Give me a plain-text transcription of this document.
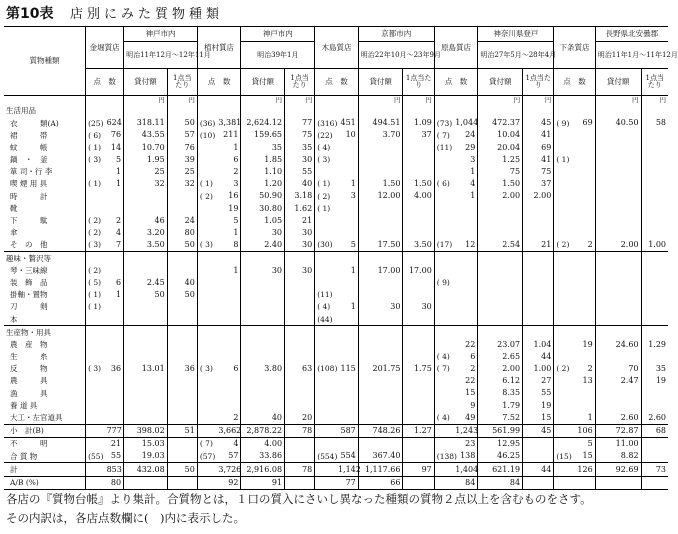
第10表 店別にみた質物種類
質物種類	金堀質店		神戸市内		植村質店		神戸市内		木島質店		京都市内		原島質店		神奈川県登戸		下条質店		長野県北安曇郡	
			明治11年12月〜12年11月				明治39年1月				明治22年10月〜23年9月				明治27年5月〜28年4月				明治11年1月〜11年12月	
	点　数		貸付額	1点当たり	点　数		貸付額	1点当たり	点　数		貸付額	1点当たり	点　数		貸付額	1点当たり	点　数		貸付額	1点当たり
			円	円			円	円			円	円			円	円			円	円
生活用品																				
衣　　　類(A)	(25)	624	318.11	50	(36)	3,381	2,624.12	77	(316)	451	494.51	1.09	(73)	1,044	472.37	45	( 9)	69	40.50	58
裙　　　帯	( 6)	76	43.55	57	(10)	211	159.65	75	(22)	10	3.70	37	( 7)	24	10.04	41				
蚊　　　帳	( 1)	14	10.70	76		1	35	35	( 4)				(11)	29	20.04	69				
鍋　・　釜	( 3)	5	1.95	39		6	1.85	30	( 3)					3	1.25	41	( 1)			
箪 司・行 李		1	25	25		2	1.10	55						1	75	75				
喫 煙 用 具	( 1)	1	32	32	( 1)	3	1.20	40	( 1)	1	1.50	1.50	( 6)	4	1.50	37				
時　　　計					( 2)	16	50.90	3.18	( 2)	3	12.00	4.00		1	2.00	2.00				
靴						19	30.80	1.62	( 1)											
下　　　駄	( 2)	2	46	24		5	1.05	21												
傘	( 2)	4	3.20	80		1	30	30												
そ　の　他	( 3)	7	3.50	50	( 3)	8	2.40	30	(30)	5	17.50	3.50	(17)	12	2.54	21	( 2)	2	2.00	1.00
趣味・贅沢等																				
琴・三味線	( 2)					1	30	30		1	17.00	17.00								
装　飾　品	( 5)	6	2.45	40									( 9)							
掛軸・置物	( 1)	1	50	50					(11)											
刀　　　剣	( 1)								( 4)	1	30	30								
本									(44)											
生産物・用具																				
農　産　物														22	23.07	1.04		19	24.60	1.29
生　　　糸													( 4)	6	2.65	44				
反　　　物	( 3)	36	13.01	36	( 3)	6	3.80	63	(108)	115	201.75	1.75	( 7)	2	2.00	1.00	( 2)	2	70	35
農　　　具														22	6.12	27		13	2.47	19
漁　　　具														15	8.35	55				
養 道 具														9	1.79	19				
大工・左官道具						2	40	20					( 4)	49	7.52	15		1	2.60	2.60
小　計(B)		777	398.02	51		3,662	2,878.22	78		587	748.26	1.27		1,243	561.99	45		106	72.87	68
不　　　明		21	15.03		( 7)	4	4.00							23	12.95			5	11.00	
合 質 物	(55)	55	19.03		(57)	57	33.86		(554)	554	367.40		(138)	138	46.25		(15)	15	8.82	
計		853	432.08	50		3,726	2,916.08	78		1,142	1,117.66	97		1,404	621.19	44		126	92.69	73
A/B (%)		80				92	91			77	66			84	84					
各店の『質物台帳』より集計。合質物とは，１口の質入にさいし異なった種類の質物２点以上を含むものをさす。
その内訳は，各店点数欄に(　)内に表示した。
